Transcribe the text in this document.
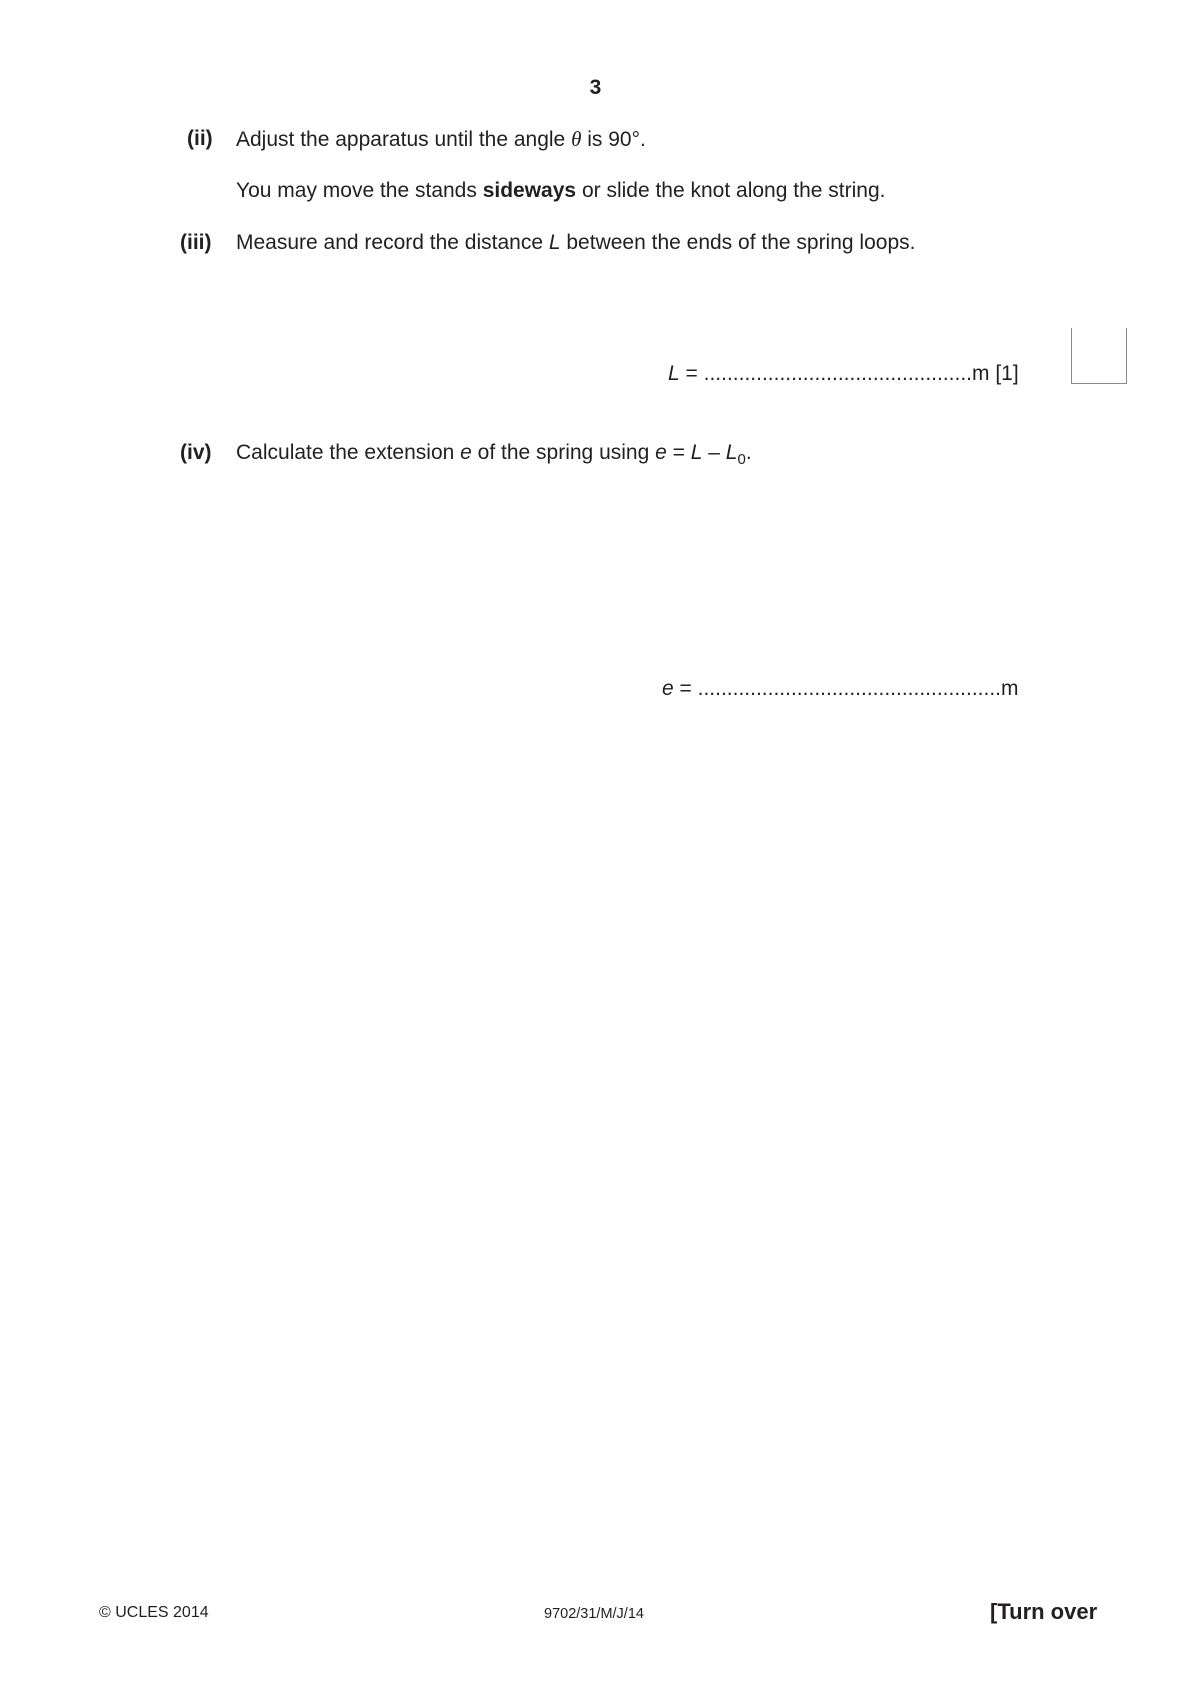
3
(ii) Adjust the apparatus until the angle θ is 90°.
You may move the stands sideways or slide the knot along the string.
(iii) Measure and record the distance L between the ends of the spring loops.
L = ..............................................m [1]
(iv) Calculate the extension e of the spring using $e = L - L_0$.
e = ....................................................m
© UCLES 2014	9702/31/M/J/14	[Turn over
